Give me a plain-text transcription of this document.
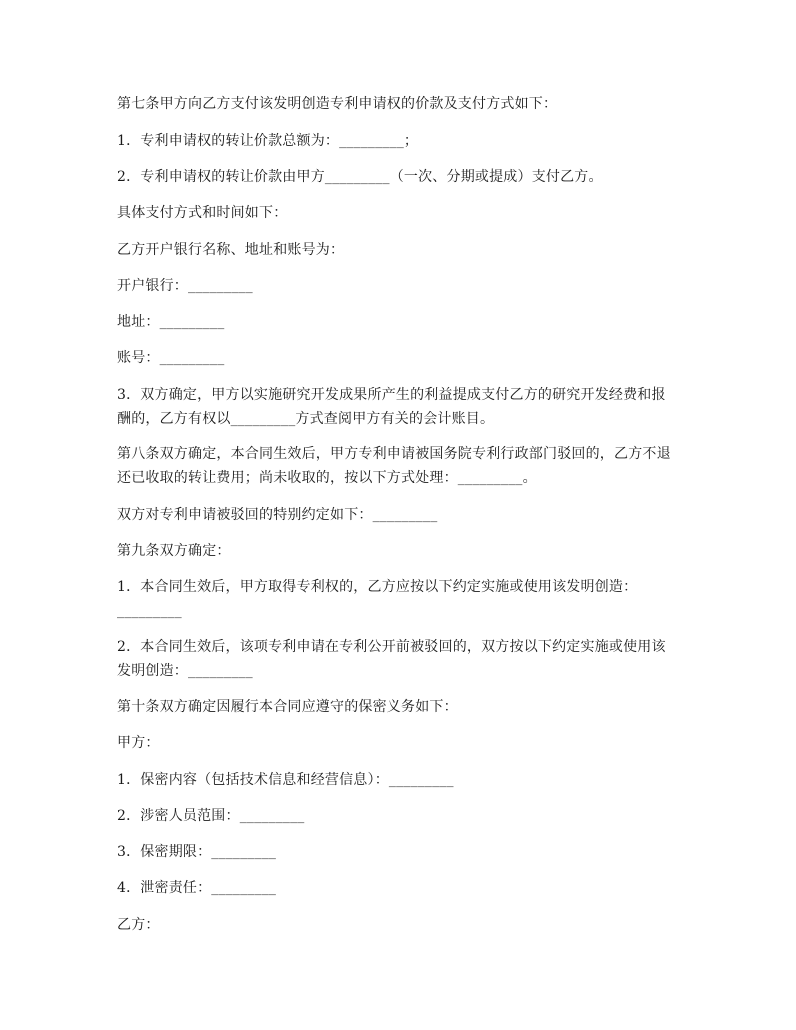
第七条甲方向乙方支付该发明创造专利申请权的价款及支付方式如下：
1．专利申请权的转让价款总额为：_________；
2．专利申请权的转让价款由甲方_________（一次、分期或提成）支付乙方。
具体支付方式和时间如下：
乙方开户银行名称、地址和账号为：
开户银行：_________
地址：_________
账号：_________
3．双方确定，甲方以实施研究开发成果所产生的利益提成支付乙方的研究开发经费和报酬的，乙方有权以_________方式查阅甲方有关的会计账目。
第八条双方确定，本合同生效后，甲方专利申请被国务院专利行政部门驳回的，乙方不退还已收取的转让费用；尚未收取的，按以下方式处理：_________。
双方对专利申请被驳回的特别约定如下：_________
第九条双方确定：
1．本合同生效后，甲方取得专利权的，乙方应按以下约定实施或使用该发明创造：_________
2．本合同生效后，该项专利申请在专利公开前被驳回的，双方按以下约定实施或使用该发明创造：_________
第十条双方确定因履行本合同应遵守的保密义务如下：
甲方：
1．保密内容（包括技术信息和经营信息）：_________
2．涉密人员范围：_________
3．保密期限：_________
4．泄密责任：_________
乙方：
